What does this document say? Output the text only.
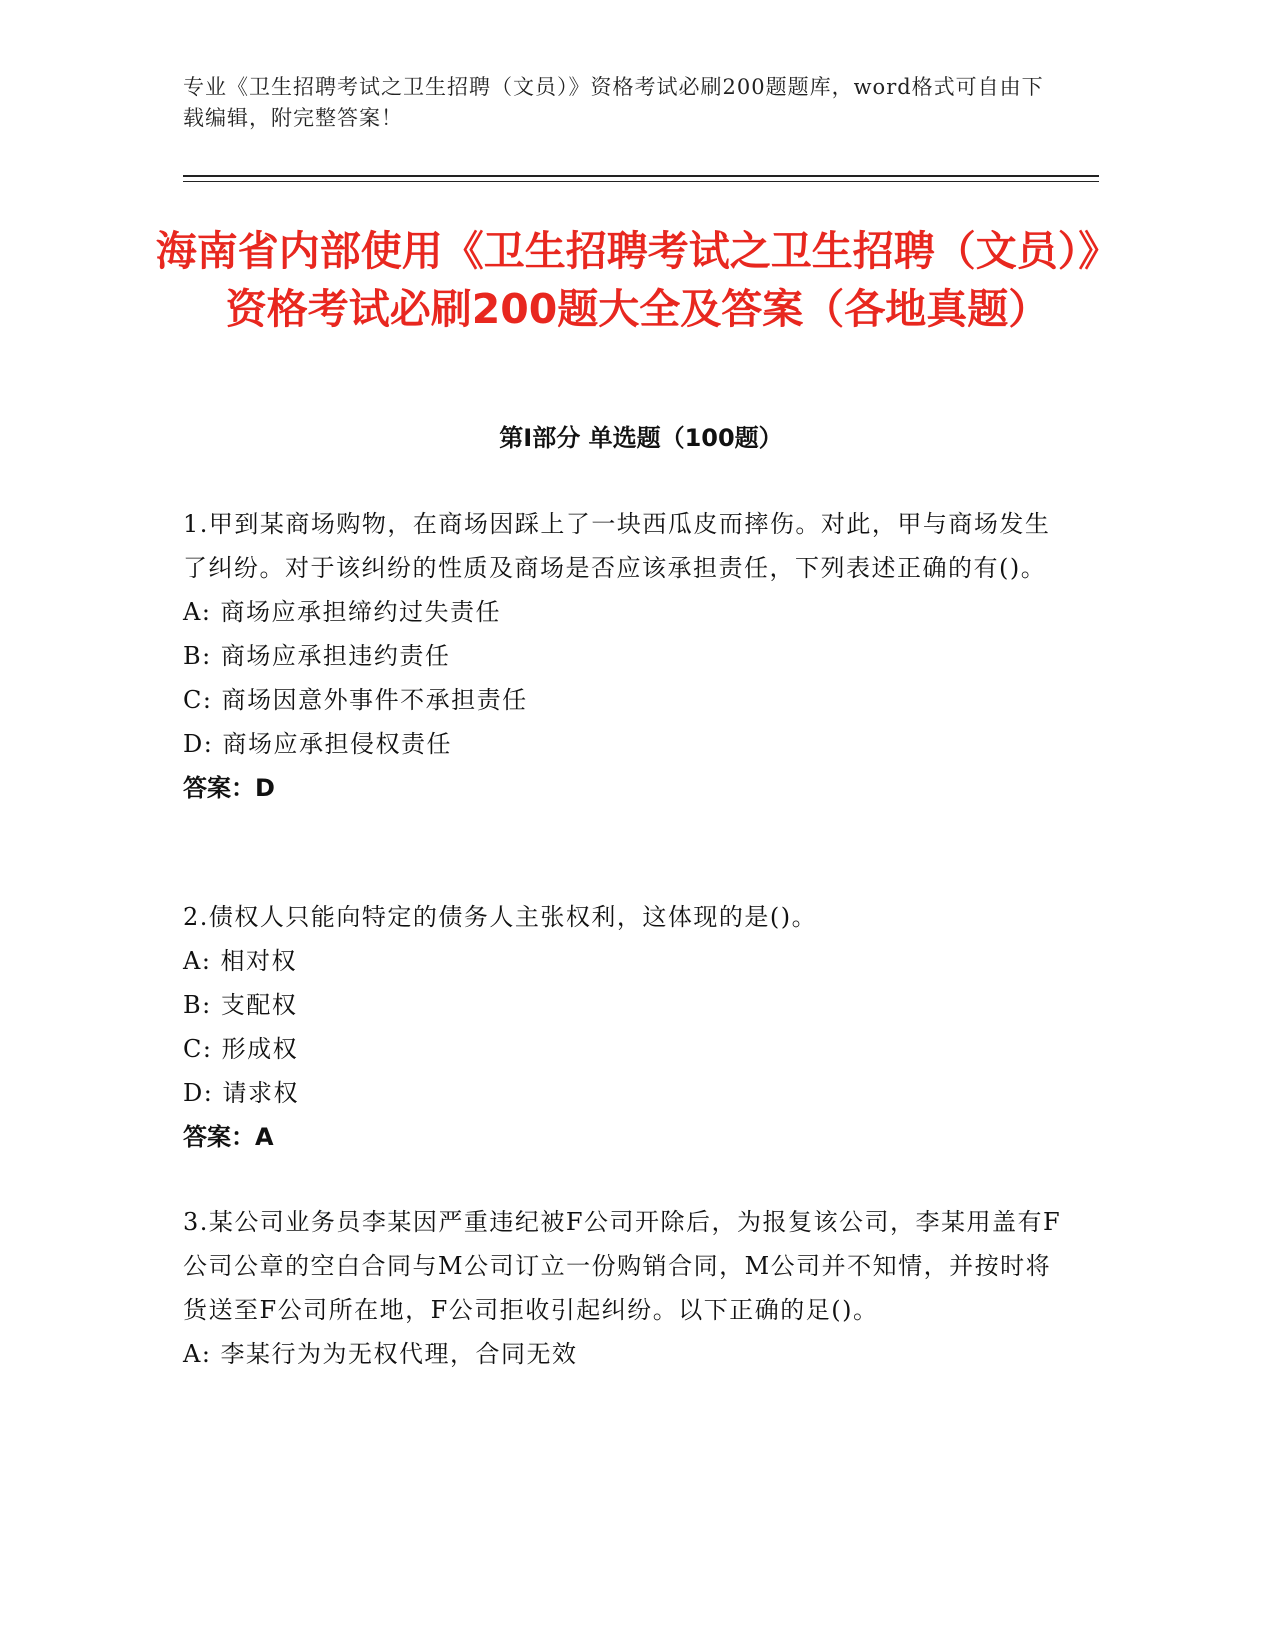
专业《卫生招聘考试之卫生招聘（文员）》资格考试必刷200题题库，word格式可自由下载编辑，附完整答案！
海南省内部使用《卫生招聘考试之卫生招聘（文员）》资格考试必刷200题大全及答案（各地真题）
第I部分 单选题（100题）
1.甲到某商场购物，在商场因踩上了一块西瓜皮而摔伤。对此，甲与商场发生了纠纷。对于该纠纷的性质及商场是否应该承担责任，下列表述正确的有()。
A: 商场应承担缔约过失责任
B: 商场应承担违约责任
C: 商场因意外事件不承担责任
D: 商场应承担侵权责任
答案：D
2.债权人只能向特定的债务人主张权利，这体现的是()。
A: 相对权
B: 支配权
C: 形成权
D: 请求权
答案：A
3.某公司业务员李某因严重违纪被F公司开除后，为报复该公司，李某用盖有F公司公章的空白合同与M公司订立一份购销合同，M公司并不知情，并按时将货送至F公司所在地，F公司拒收引起纠纷。以下正确的足()。
A: 李某行为为无权代理，合同无效
